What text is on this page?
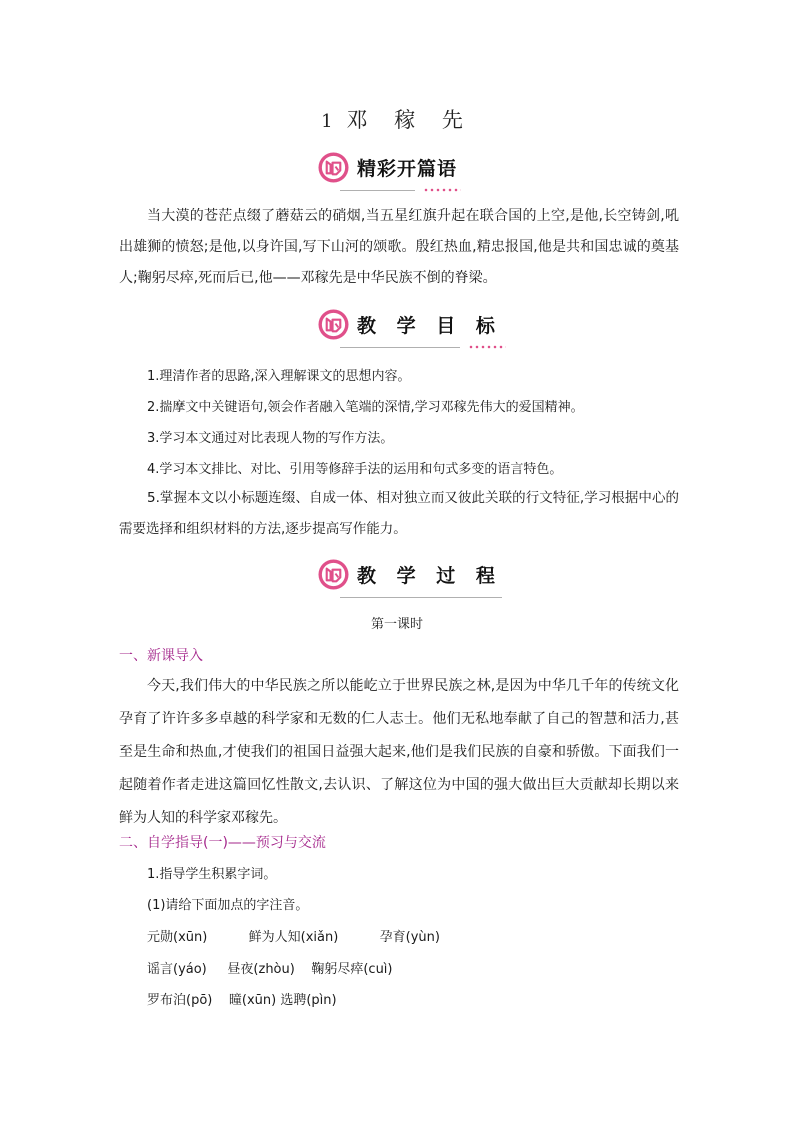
1 邓 稼 先
精彩开篇语
当大漠的苍茫点缀了蘑菇云的硝烟,当五星红旗升起在联合国的上空,是他,长空铸剑,吼出雄狮的愤怒;是他,以身许国,写下山河的颂歌。殷红热血,精忠报国,他是共和国忠诚的奠基人;鞠躬尽瘁,死而后已,他——邓稼先是中华民族不倒的脊梁。
教 学 目 标
1.理清作者的思路,深入理解课文的思想内容。
2.揣摩文中关键语句,领会作者融入笔端的深情,学习邓稼先伟大的爱国精神。
3.学习本文通过对比表现人物的写作方法。
4.学习本文排比、对比、引用等修辞手法的运用和句式多变的语言特色。
5.掌握本文以小标题连缀、自成一体、相对独立而又彼此关联的行文特征,学习根据中心的需要选择和组织材料的方法,逐步提高写作能力。
教 学 过 程
第一课时
一、新课导入
今天,我们伟大的中华民族之所以能屹立于世界民族之林,是因为中华几千年的传统文化孕育了许许多多卓越的科学家和无数的仁人志士。他们无私地奉献了自己的智慧和活力,甚至是生命和热血,才使我们的祖国日益强大起来,他们是我们民族的自豪和骄傲。下面我们一起随着作者走进这篇回忆性散文,去认识、了解这位为中国的强大做出巨大贡献却长期以来鲜为人知的科学家邓稼先。
二、自学指导(一)——预习与交流
1.指导学生积累字词。
(1)请给下面加点的字注音。
元勋(xūn)          鲜为人知(xiǎn)          孕育(yùn)
谣言(yáo)     昼夜(zhòu)    鞠躬尽瘁(cuì)
罗布泊(pō)    曈(xūn) 选聘(pìn)
